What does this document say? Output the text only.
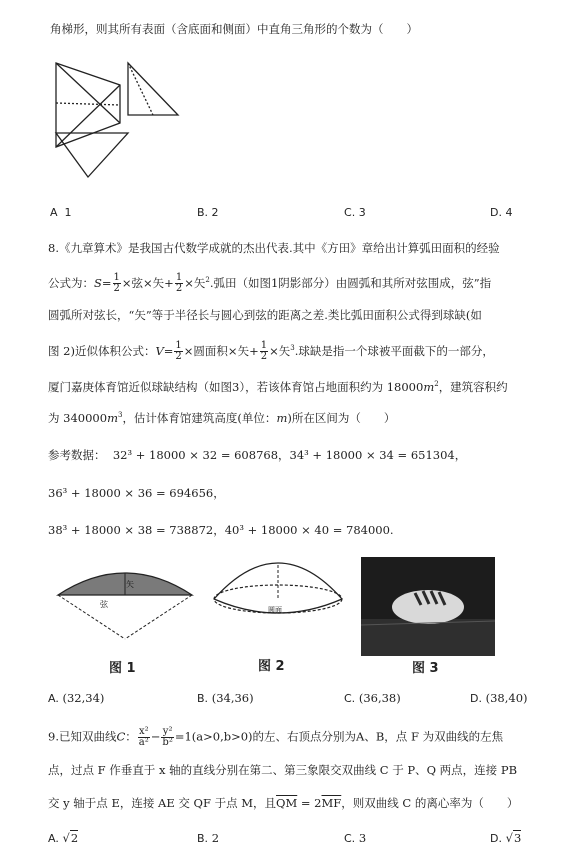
角梯形，则其所有表面（含底面和侧面）中直角三角形的个数为（　　）
A 1	B. 2	C. 3	D. 4
8.《九章算术》是我国古代数学成就的杰出代表.其中《方田》章给出计算弧田面积的经验
公式为：$S= \frac{1}{2}$ ×弦×矢+ $\frac{1}{2}$ ×矢$^2$.弧田（如图1阴影部分）由圆弧和其所对弦围成，弦”指
圆弧所对弦长，“矢”等于半径长与圆心到弦的距离之差.类比弧田面积公式得到球缺(如
图 2)近似体积公式：$V= \frac{1}{2}$ ×圆面积×矢+ $\frac{1}{2}$ ×矢$^3$.球缺是指一个球被平面截下的一部分，
厦门嘉庚体育馆近似球缺结构（如图3），若该体育馆占地面积约为 $18000m^2$，建筑容积约
为 $340000m^3$，估计体育馆建筑高度(单位：m)所在区间为（　　）
参考数据： 32³ + 18000 × 32 = 608768，34³ + 18000 × 34 = 651304，
36³ + 18000 × 36 = 694656，
38³ + 18000 × 38 = 738872，40³ + 18000 × 40 = 784000.
矢
弦
圆面
图 1	图 2	图 3
A. (32,34)	B. (34,36)	C. (36,38)	D. (38,40)
9.已知双曲线C： $\frac{\text{x²}}{\text{a²}} - \frac{\text{y²}}{\text{b²}} =1(a>0,b>0)$的左、右顶点分别为A、B，点 F 为双曲线的左焦
点，过点 F 作垂直于 x 轴的直线分别在第二、第三象限交双曲线 C 于 P、Q 两点，连接 PB
交 y 轴于点 E，连接 AE 交 QF 于点 M，且$\overline{QM} = 2\overline{MF}$，则双曲线 C 的离心率为（　　）
A. √2	B. 2	C. 3	D. √3
